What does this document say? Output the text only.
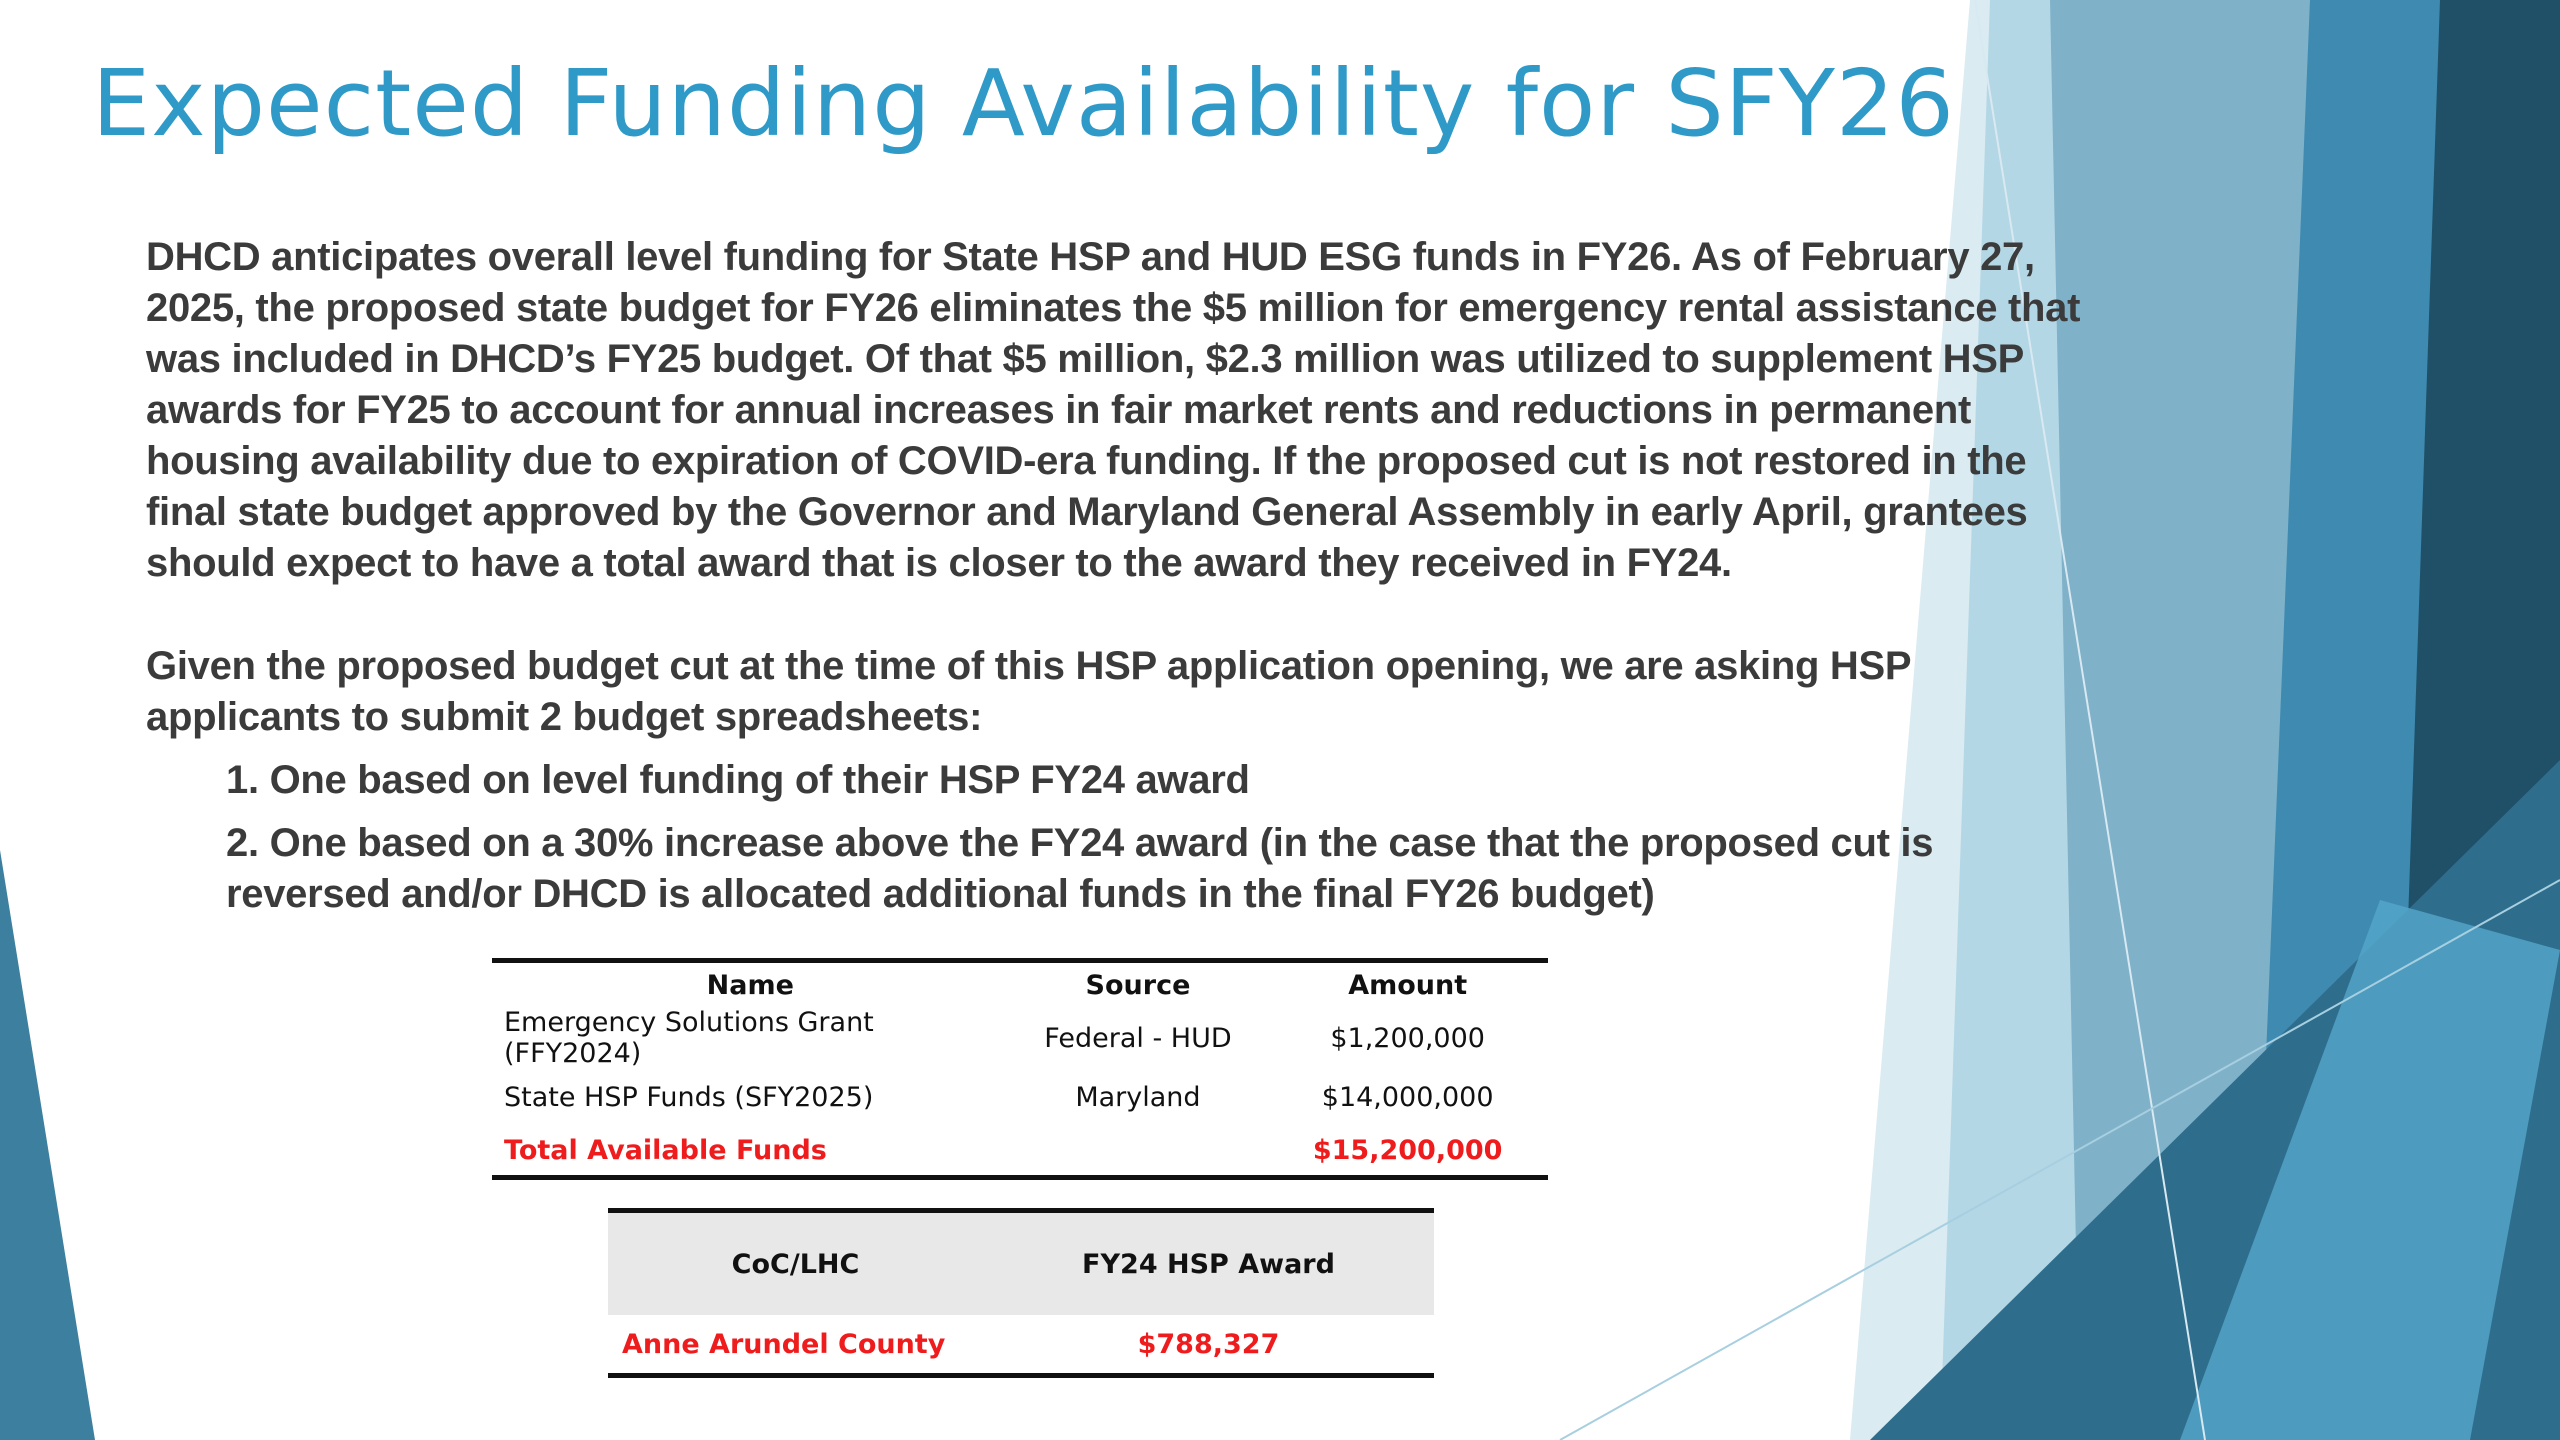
Expected Funding Availability for SFY26

DHCD anticipates overall level funding for State HSP and HUD ESG funds in FY26. As of February 27, 2025, the proposed state budget for FY26 eliminates the $5 million for emergency rental assistance that was included in DHCD’s FY25 budget. Of that $5 million, $2.3 million was utilized to supplement HSP awards for FY25 to account for annual increases in fair market rents and reductions in permanent housing availability due to expiration of COVID-era funding. If the proposed cut is not restored in the final state budget approved by the Governor and Maryland General Assembly in early April, grantees should expect to have a total award that is closer to the award they received in FY24.

Given the proposed budget cut at the time of this HSP application opening, we are asking HSP applicants to submit 2 budget spreadsheets:

1. One based on level funding of their HSP FY24 award
2. One based on a 30% increase above the FY24 award (in the case that the proposed cut is reversed and/or DHCD is allocated additional funds in the final FY26 budget)
Name	Source	Amount
Emergency Solutions Grant (FFY2024)	Federal - HUD	$1,200,000
State HSP Funds (SFY2025)	Maryland	$14,000,000
Total Available Funds		$15,200,000
CoC/LHC	FY24 HSP Award
Anne Arundel County	$788,327
